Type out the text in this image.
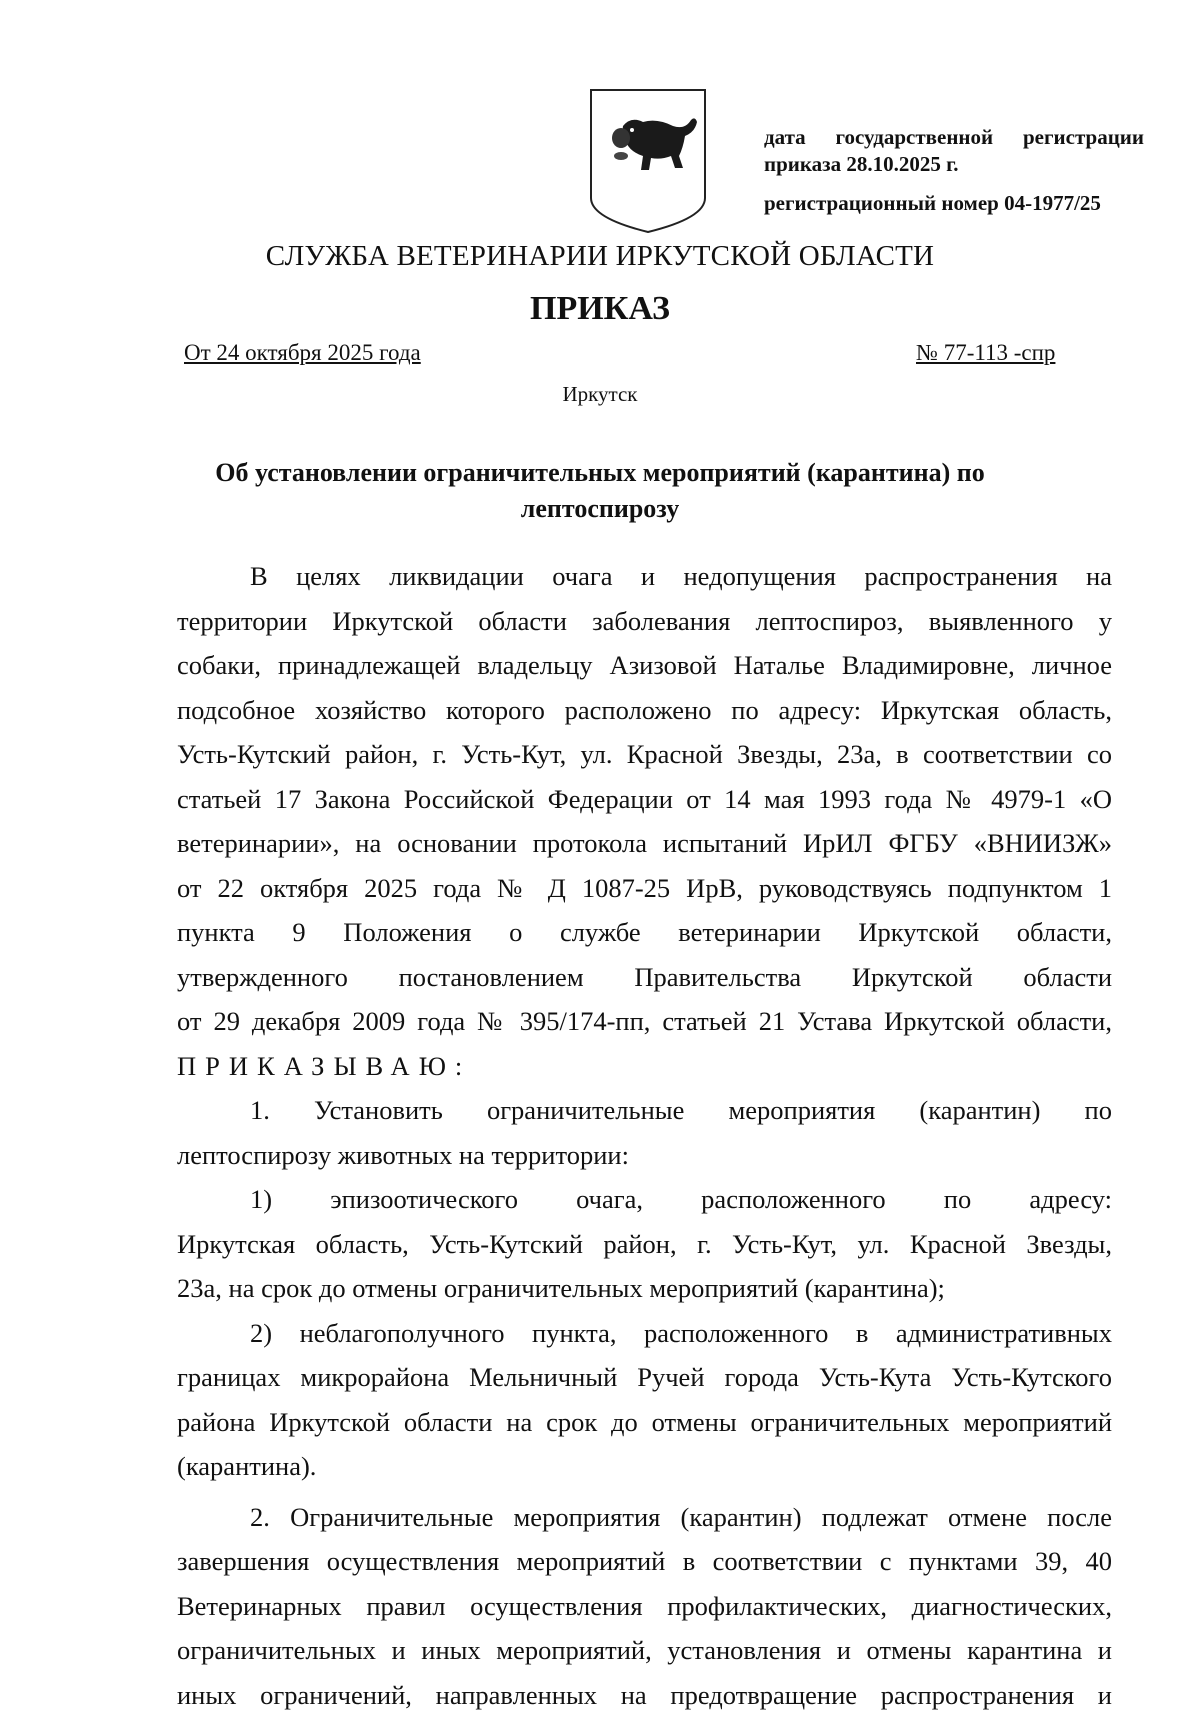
дата государственной регистрации
приказа 28.10.2025 г.
регистрационный номер 04-1977/25
СЛУЖБА ВЕТЕРИНАРИИ ИРКУТСКОЙ ОБЛАСТИ
ПРИКАЗ
От 24 октября 2025 года	№ 77-113 -спр
Иркутск
Об установлении ограничительных мероприятий (карантина) по
лептоспирозу

В целях ликвидации очага и недопущения распространения на

территории Иркутской области заболевания лептоспироз, выявленного у

собаки, принадлежащей владельцу Азизовой Наталье Владимировне, личное

подсобное хозяйство которого расположено по адресу: Иркутская область,

Усть-Кутский район, г. Усть-Кут, ул. Красной Звезды, 23а, в соответствии со

статьей 17 Закона Российской Федерации от 14 мая 1993 года № 4979-1 «О

ветеринарии», на основании протокола испытаний ИрИЛ ФГБУ «ВНИИЗЖ»

от 22 октября 2025 года № Д 1087-25 ИрВ, руководствуясь подпунктом 1

пункта 9 Положения о службе ветеринарии Иркутской области,

утвержденного постановлением Правительства Иркутской области

от 29 декабря 2009 года № 395/174-пп, статьей 21 Устава Иркутской области,

ПРИКАЗЫВАЮ:

1. Установить ограничительные мероприятия (карантин) по

лептоспирозу животных на территории:

1) эпизоотического очага, расположенного по адресу:

Иркутская область, Усть-Кутский район, г. Усть-Кут, ул. Красной Звезды,

23а, на срок до отмены ограничительных мероприятий (карантина);

2) неблагополучного пункта, расположенного в административных

границах микрорайона Мельничный Ручей города Усть-Кута Усть-Кутского

района Иркутской области на срок до отмены ограничительных мероприятий

(карантина).

2. Ограничительные мероприятия (карантин) подлежат отмене после

завершения осуществления мероприятий в соответствии с пунктами 39, 40

Ветеринарных правил осуществления профилактических, диагностических,

ограничительных и иных мероприятий, установления и отмены карантина и

иных ограничений, направленных на предотвращение распространения и
